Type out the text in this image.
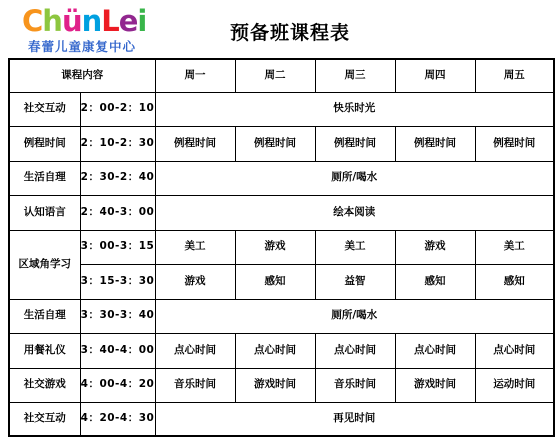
ChünLei
春蕾儿童康复中心
预备班课程表
课程内容		周一	周二	周三	周四	周五
社交互动	2：00-2：10	快乐时光				
例程时间	2：10-2：30	例程时间	例程时间	例程时间	例程时间	例程时间
生活自理	2：30-2：40	厕所/喝水				
认知语言	2：40-3：00	绘本阅读				
区域角学习	3：00-3：15	美工	游戏	美工	游戏	美工
	3：15-3：30	游戏	感知	益智	感知	感知
生活自理	3：30-3：40	厕所/喝水				
用餐礼仪	3：40-4：00	点心时间	点心时间	点心时间	点心时间	点心时间
社交游戏	4：00-4：20	音乐时间	游戏时间	音乐时间	游戏时间	运动时间
社交互动	4：20-4：30	再见时间				
